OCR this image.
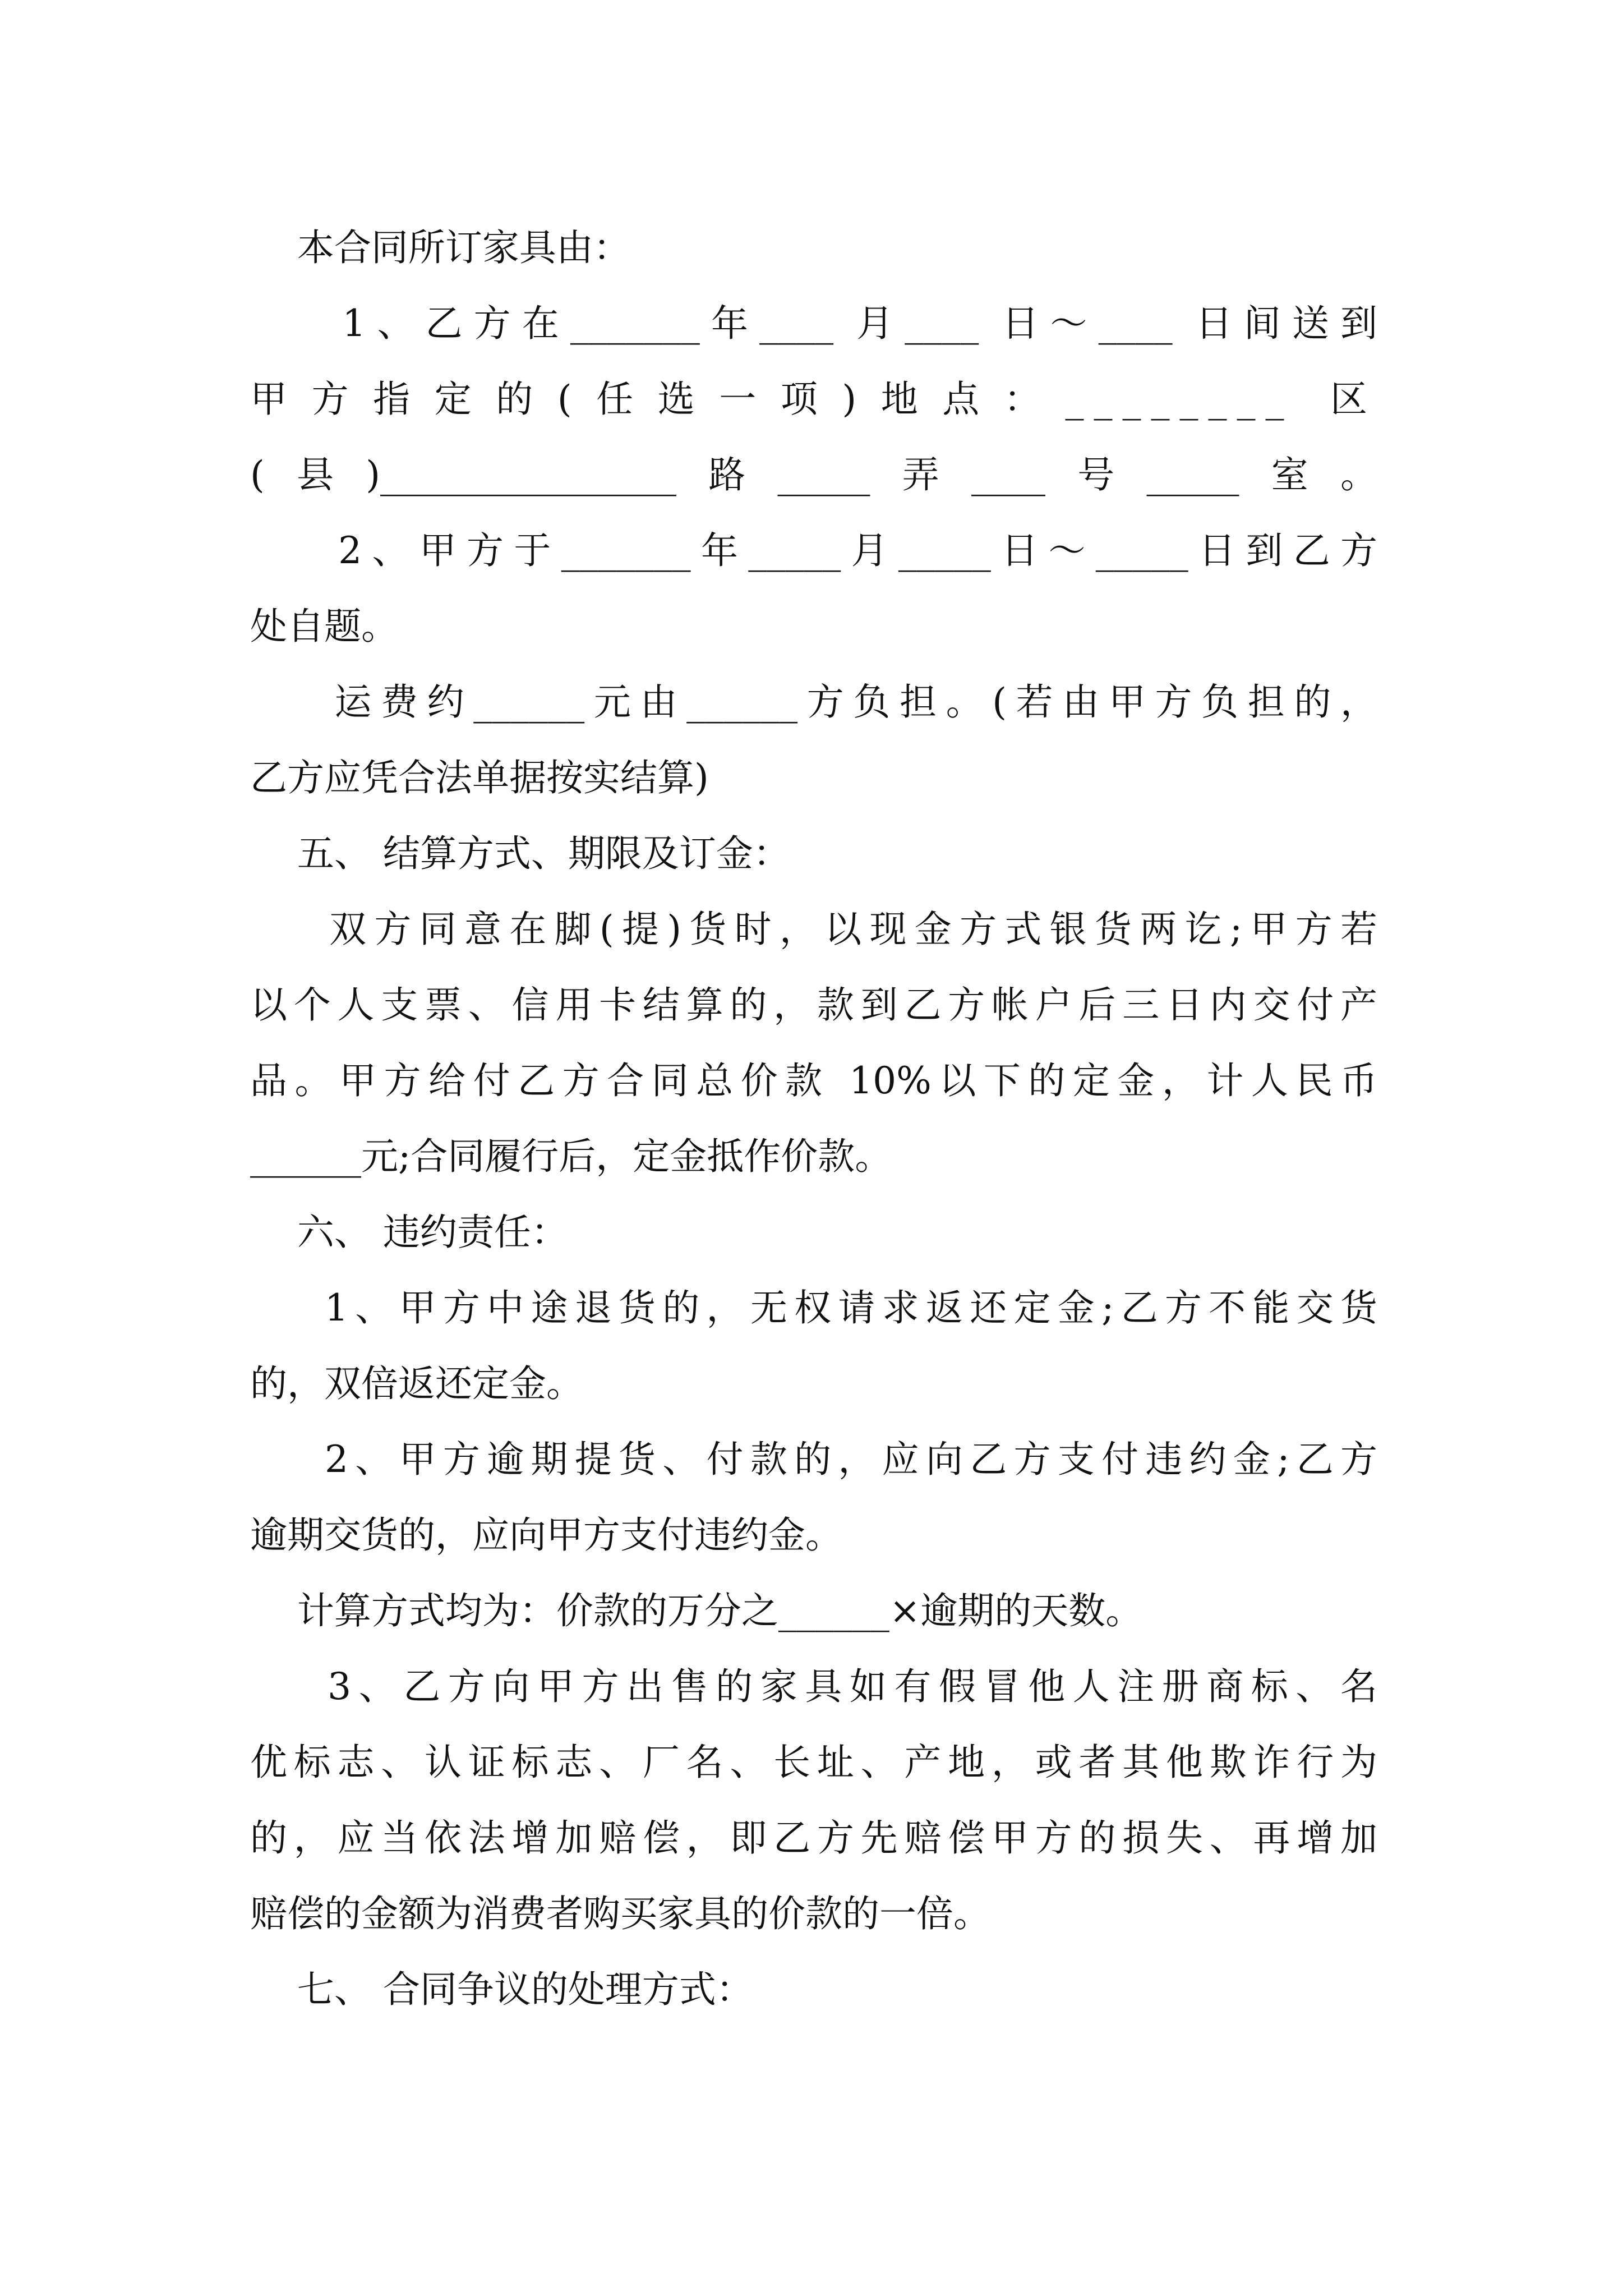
本合同所订家具由：
1、乙方在_______年____ 月____ 日～____ 日间送到
甲方指定的(任选一项)地点：________ 区
(县)________________路_____弄____号_____室。
2、甲方于_______年_____月_____日～_____日到乙方
处自题。
运费约______元由______方负担。(若由甲方负担的，
乙方应凭合法单据按实结算)
五、 结算方式、期限及订金：
双方同意在脚(提)货时，以现金方式银货两讫;甲方若
以个人支票、信用卡结算的，款到乙方帐户后三日内交付产
品。甲方给付乙方合同总价款 10%以下的定金，计人民币
______元;合同履行后，定金抵作价款。
六、 违约责任：
1、甲方中途退货的，无权请求返还定金;乙方不能交货
的，双倍返还定金。
2、甲方逾期提货、付款的，应向乙方支付违约金;乙方
逾期交货的，应向甲方支付违约金。
计算方式均为：价款的万分之______×逾期的天数。
3、乙方向甲方出售的家具如有假冒他人注册商标、名
优标志、认证标志、厂名、长址、产地，或者其他欺诈行为
的，应当依法增加赔偿，即乙方先赔偿甲方的损失、再增加
赔偿的金额为消费者购买家具的价款的一倍。
七、 合同争议的处理方式：
